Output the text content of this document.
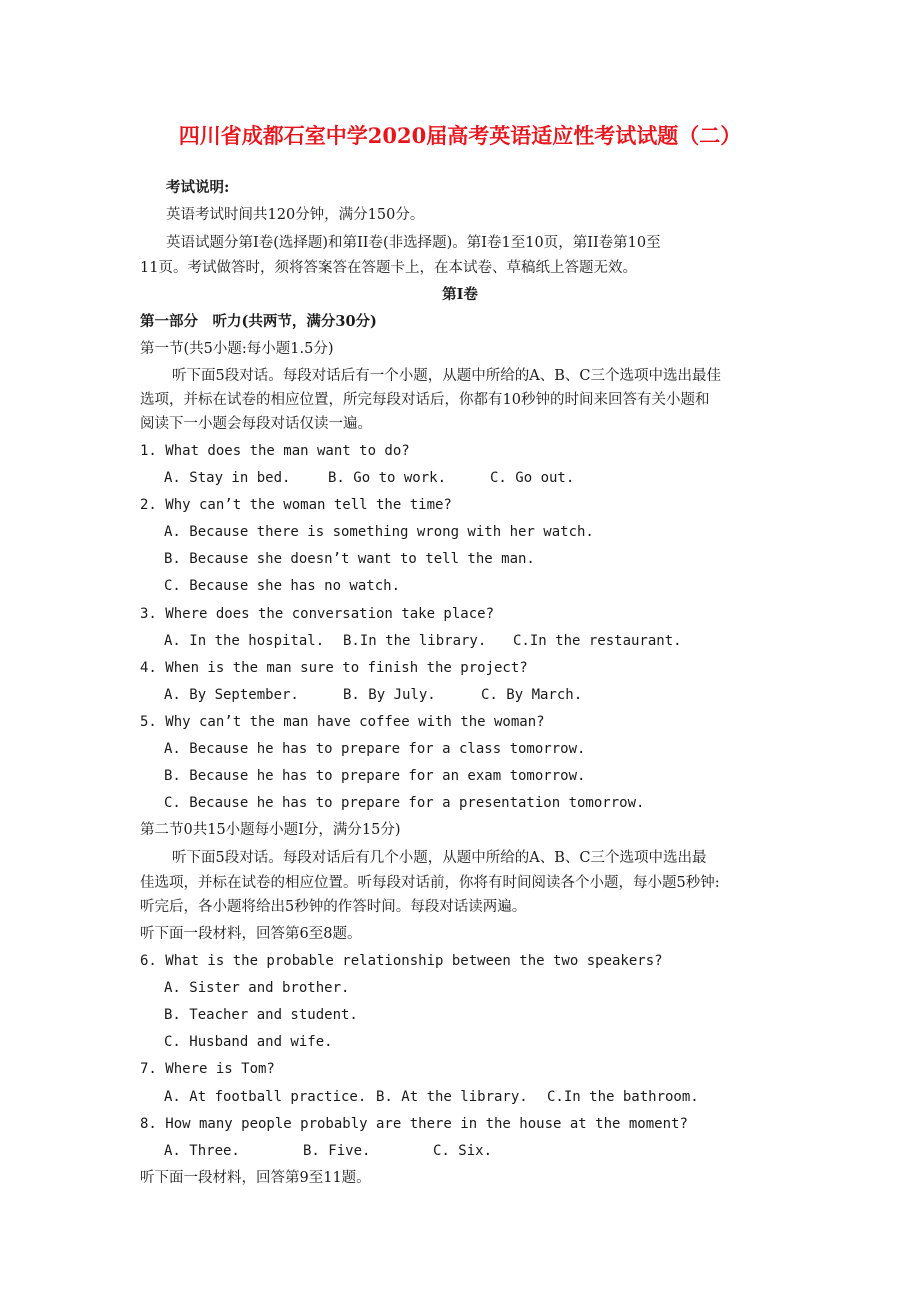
四川省成都石室中学2020届高考英语适应性考试试题（二）
考试说明:
英语考试时间共120分钟，满分150分。
英语试题分第I卷(选择题)和第II卷(非选择题)。第I卷1至10页，第II卷第10至
11页。考试做答时，须将答案答在答题卡上，在本试卷、草稿纸上答题无效。
第I卷
第一部分　听力(共两节，满分30分)
第一节(共5小题:每小题1.5分)
听下面5段对话。每段对话后有一个小题，从题中所给的A、B、C三个选项中选出最佳
选项，并标在试卷的相应位置，所完每段对话后，你都有10秒钟的时间来回答有关小题和
阅读下一小题会每段对话仅读一遍。
1. What does the man want to do?
A. Stay in bed.	B. Go to work.	C. Go out.
2. Why can’t the woman tell the time?
A. Because there is something wrong with her watch.
B. Because she doesn’t want to tell the man.
C. Because she has no watch.
3. Where does the conversation take place?
A. In the hospital. B.In the library. C.In the restaurant.
4. When is the man sure to finish the project?
A. By September.	B. By July.	C. By March.
5. Why can’t the man have coffee with the woman?
A. Because he has to prepare for a class tomorrow.
B. Because he has to prepare for an exam tomorrow.
C. Because he has to prepare for a presentation tomorrow.
第二节0共15小题每小题I分，满分15分)
听下面5段对话。每段对话后有几个小题，从题中所给的A、B、C三个选项中选出最
佳选项，并标在试卷的相应位置。听每段对话前，你将有时间阅读各个小题，每小题5秒钟:
听完后，各小题将给出5秒钟的作答时间。每段对话读两遍。
听下面一段材料，回答第6至8题。
6. What is the probable relationship between the two speakers?
A. Sister and brother.
B. Teacher and student.
C. Husband and wife.
7. Where is Tom?
A. At football practice. B. At the library. C.In the bathroom.
8. How many people probably are there in the house at the moment?
A. Three.	B. Five.	C. Six.
听下面一段材料，回答第9至11题。
